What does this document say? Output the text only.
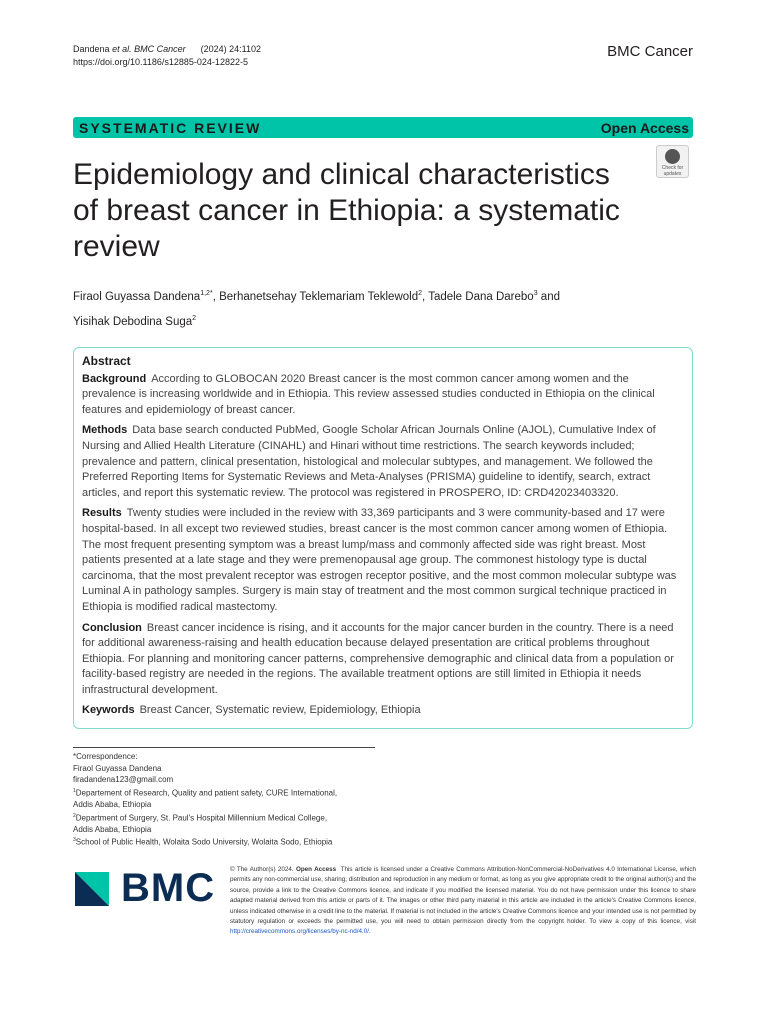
Dandena et al. BMC Cancer (2024) 24:1102
https://doi.org/10.1186/s12885-024-12822-5
BMC Cancer
SYSTEMATIC REVIEW	Open Access
Check for updates
Epidemiology and clinical characteristics of breast cancer in Ethiopia: a systematic review
Firaol Guyassa Dandena$^{1,2*}$, Berhanetsehay Teklemariam Teklewold$^2$, Tadele Dana Darebo$^3$ and
Yisihak Debodina Suga$^2$
Abstract

Background According to GLOBOCAN 2020 Breast cancer is the most common cancer among women and the prevalence is increasing worldwide and in Ethiopia. This review assessed studies conducted in Ethiopia on the clinical features and epidemiology of breast cancer.

Methods Data base search conducted PubMed, Google Scholar African Journals Online (AJOL), Cumulative Index of Nursing and Allied Health Literature (CINAHL) and Hinari without time restrictions. The search keywords included; prevalence and pattern, clinical presentation, histological and molecular subtypes, and management. We followed the Preferred Reporting Items for Systematic Reviews and Meta-Analyses (PRISMA) guideline to identify, search, extract articles, and report this systematic review. The protocol was registered in PROSPERO, ID: CRD42023403320.

Results Twenty studies were included in the review with 33,369 participants and 3 were community-based and 17 were hospital-based. In all except two reviewed studies, breast cancer is the most common cancer among women of Ethiopia. The most frequent presenting symptom was a breast lump/mass and commonly affected side was right breast. Most patients presented at a late stage and they were premenopausal age group. The commonest histology type is ductal carcinoma, that the most prevalent receptor was estrogen receptor positive, and the most common molecular subtype was Luminal A in pathology samples. Surgery is main stay of treatment and the most common surgical technique practiced in Ethiopia is modified radical mastectomy.

Conclusion Breast cancer incidence is rising, and it accounts for the major cancer burden in the country. There is a need for additional awareness-raising and health education because delayed presentation are critical problems throughout Ethiopia. For planning and monitoring cancer patterns, comprehensive demographic and clinical data from a population or facility-based registry are needed in the regions. The available treatment options are still limited in Ethiopia it needs infrastructural development.

Keywords Breast Cancer, Systematic review, Epidemiology, Ethiopia

*Correspondence:
Firaol Guyassa Dandena
firadandena123@gmail.com
$^1$Departement of Research, Quality and patient safety, CURE International,
Addis Ababa, Ethiopia
$^2$Department of Surgery, St. Paul's Hospital Millennium Medical College,
Addis Ababa, Ethiopia
$^3$School of Public Health, Wolaita Sodo University, Wolaita Sodo, Ethiopia
BMC © The Author(s) 2024. Open Access This article is licensed under a Creative Commons Attribution-NonCommercial-NoDerivatives 4.0 International License, which permits any non-commercial use, sharing, distribution and reproduction in any medium or format, as long as you give appropriate credit to the original author(s) and the source, provide a link to the Creative Commons licence, and indicate if you modified the licensed material. You do not have permission under this licence to share adapted material derived from this article or parts of it. The images or other third party material in this article are included in the article's Creative Commons licence, unless indicated otherwise in a credit line to the material. If material is not included in the article's Creative Commons licence and your intended use is not permitted by statutory regulation or exceeds the permitted use, you will need to obtain permission directly from the copyright holder. To view a copy of this licence, visit http://creativecommons.org/licenses/by-nc-nd/4.0/.
